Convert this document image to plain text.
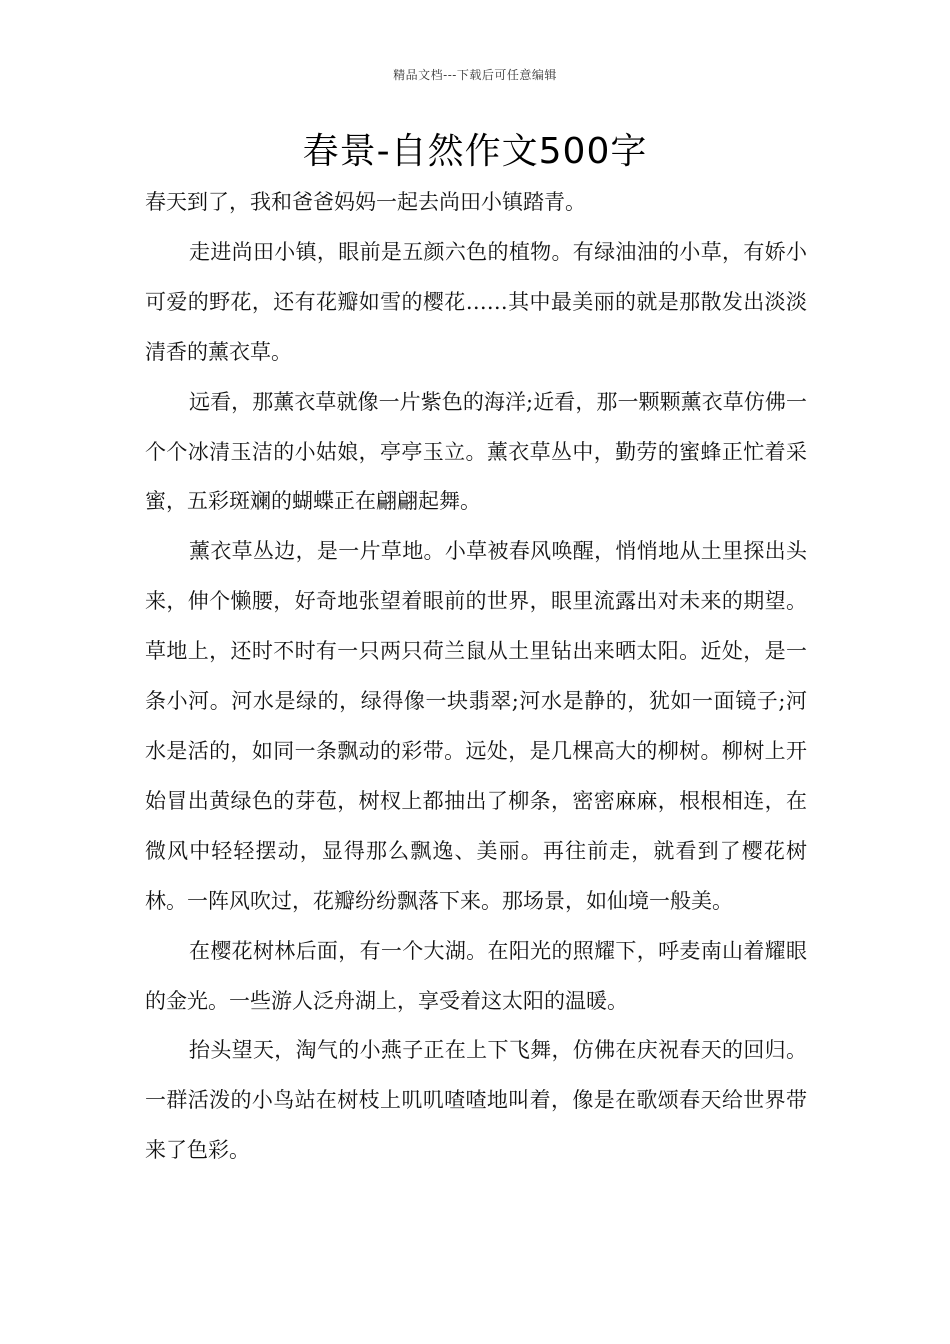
精品文档---下载后可任意编辑
春景-自然作文500字

春天到了，我和爸爸妈妈一起去尚田小镇踏青。

走进尚田小镇，眼前是五颜六色的植物。有绿油油的小草，有娇小可爱的野花，还有花瓣如雪的樱花……其中最美丽的就是那散发出淡淡清香的薰衣草。

远看，那薰衣草就像一片紫色的海洋;近看，那一颗颗薰衣草仿佛一个个冰清玉洁的小姑娘，亭亭玉立。薰衣草丛中，勤劳的蜜蜂正忙着采蜜，五彩斑斓的蝴蝶正在翩翩起舞。

薰衣草丛边，是一片草地。小草被春风唤醒，悄悄地从土里探出头来，伸个懒腰，好奇地张望着眼前的世界，眼里流露出对未来的期望。草地上，还时不时有一只两只荷兰鼠从土里钻出来晒太阳。近处，是一条小河。河水是绿的，绿得像一块翡翠;河水是静的，犹如一面镜子;河水是活的，如同一条飘动的彩带。远处，是几棵高大的柳树。柳树上开始冒出黄绿色的芽苞，树杈上都抽出了柳条，密密麻麻，根根相连，在微风中轻轻摆动，显得那么飘逸、美丽。再往前走，就看到了樱花树林。一阵风吹过，花瓣纷纷飘落下来。那场景，如仙境一般美。

在樱花树林后面，有一个大湖。在阳光的照耀下，呼麦南山着耀眼的金光。一些游人泛舟湖上，享受着这太阳的温暖。

抬头望天，淘气的小燕子正在上下飞舞，仿佛在庆祝春天的回归。一群活泼的小鸟站在树枝上叽叽喳喳地叫着，像是在歌颂春天给世界带来了色彩。
